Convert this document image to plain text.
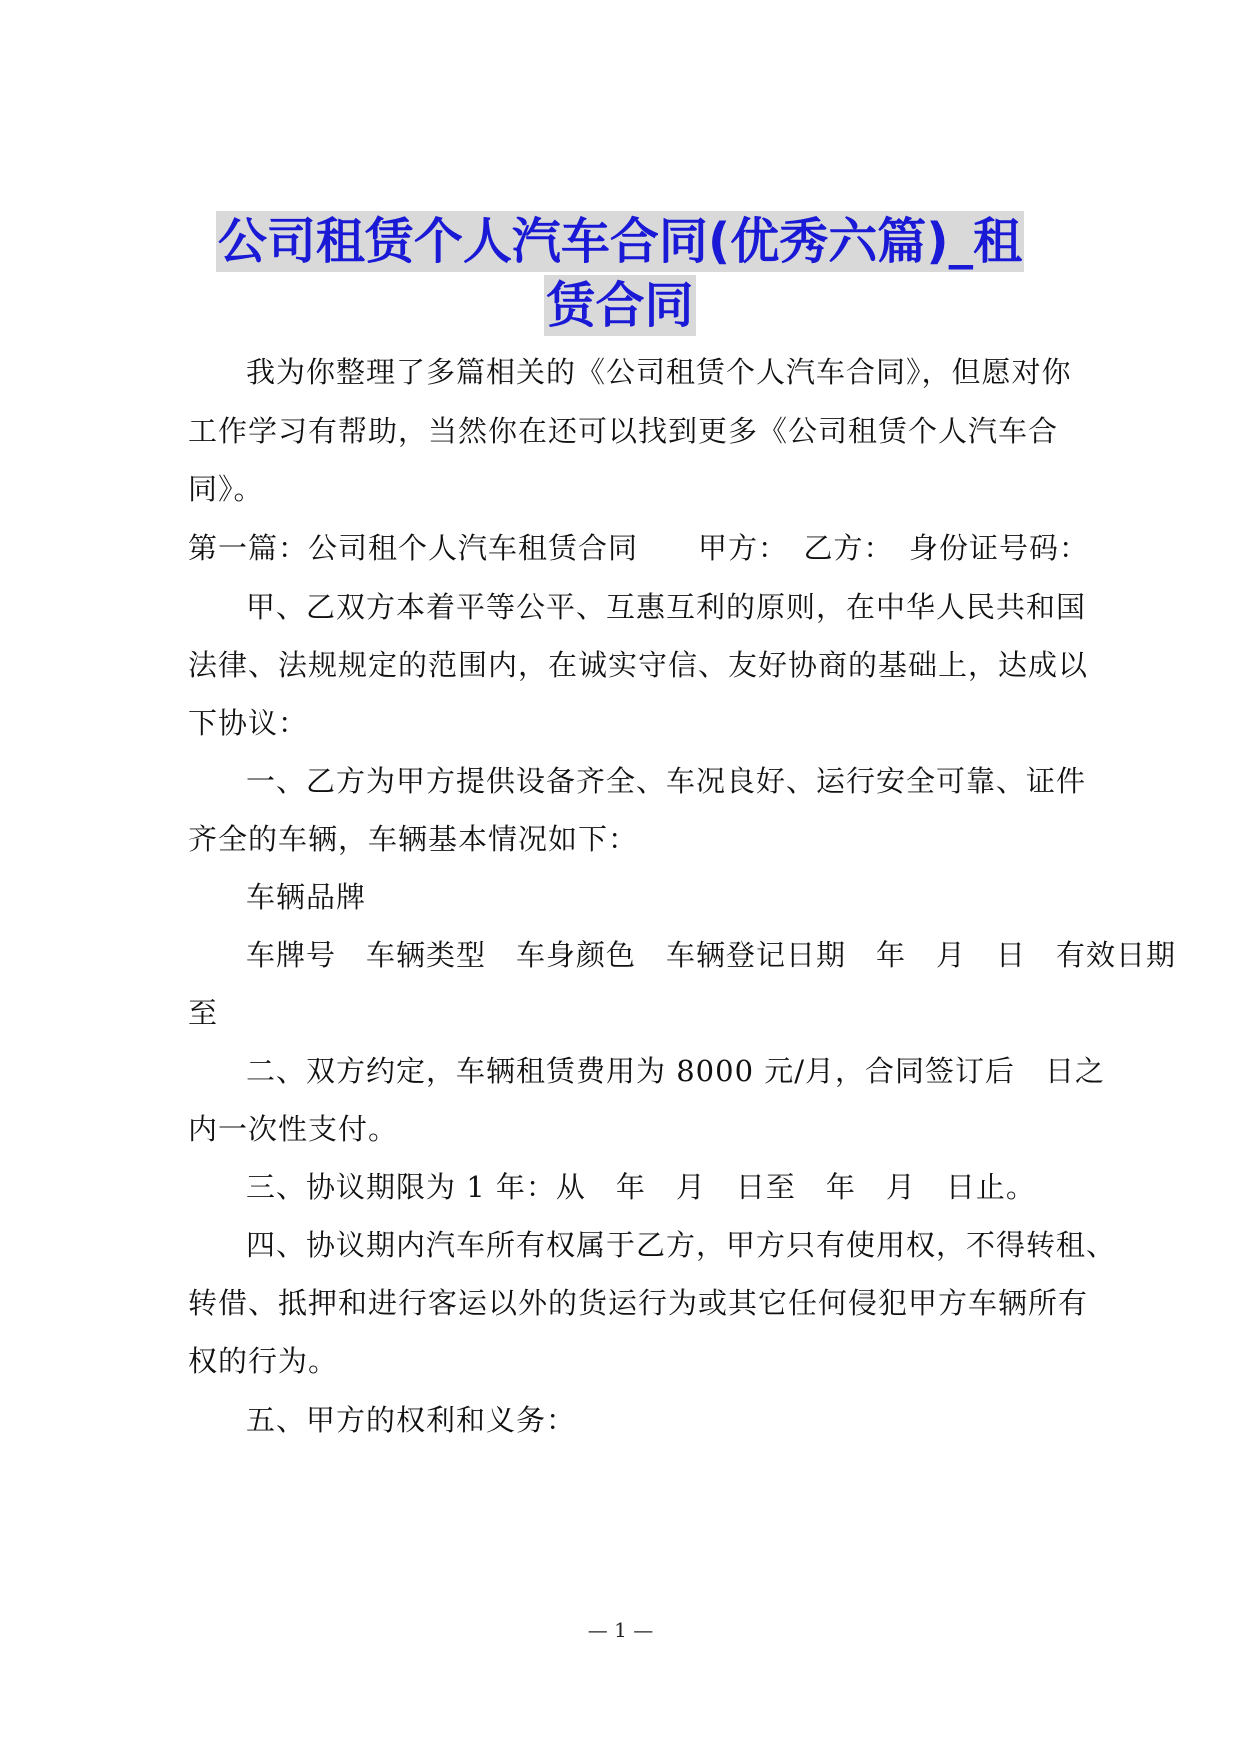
公司租赁个人汽车合同(优秀六篇)_租
赁合同
我为你整理了多篇相关的《公司租赁个人汽车合同》，但愿对你
工作学习有帮助，当然你在还可以找到更多《公司租赁个人汽车合
同》。
第一篇：公司租个人汽车租赁合同　　甲方：　乙方：　身份证号码：
甲、乙双方本着平等公平、互惠互利的原则，在中华人民共和国
法律、法规规定的范围内，在诚实守信、友好协商的基础上，达成以
下协议：
一、乙方为甲方提供设备齐全、车况良好、运行安全可靠、证件
齐全的车辆，车辆基本情况如下：
车辆品牌
车牌号　车辆类型　车身颜色　车辆登记日期　年　月　日　有效日期
至
二、双方约定，车辆租赁费用为 8000 元/月，合同签订后　日之
内一次性支付。
三、协议期限为 1 年：从　年　月　日至　年　月　日止。
四、协议期内汽车所有权属于乙方，甲方只有使用权，不得转租、
转借、抵押和进行客运以外的货运行为或其它任何侵犯甲方车辆所有
权的行为。
五、甲方的权利和义务：
— 1 —
